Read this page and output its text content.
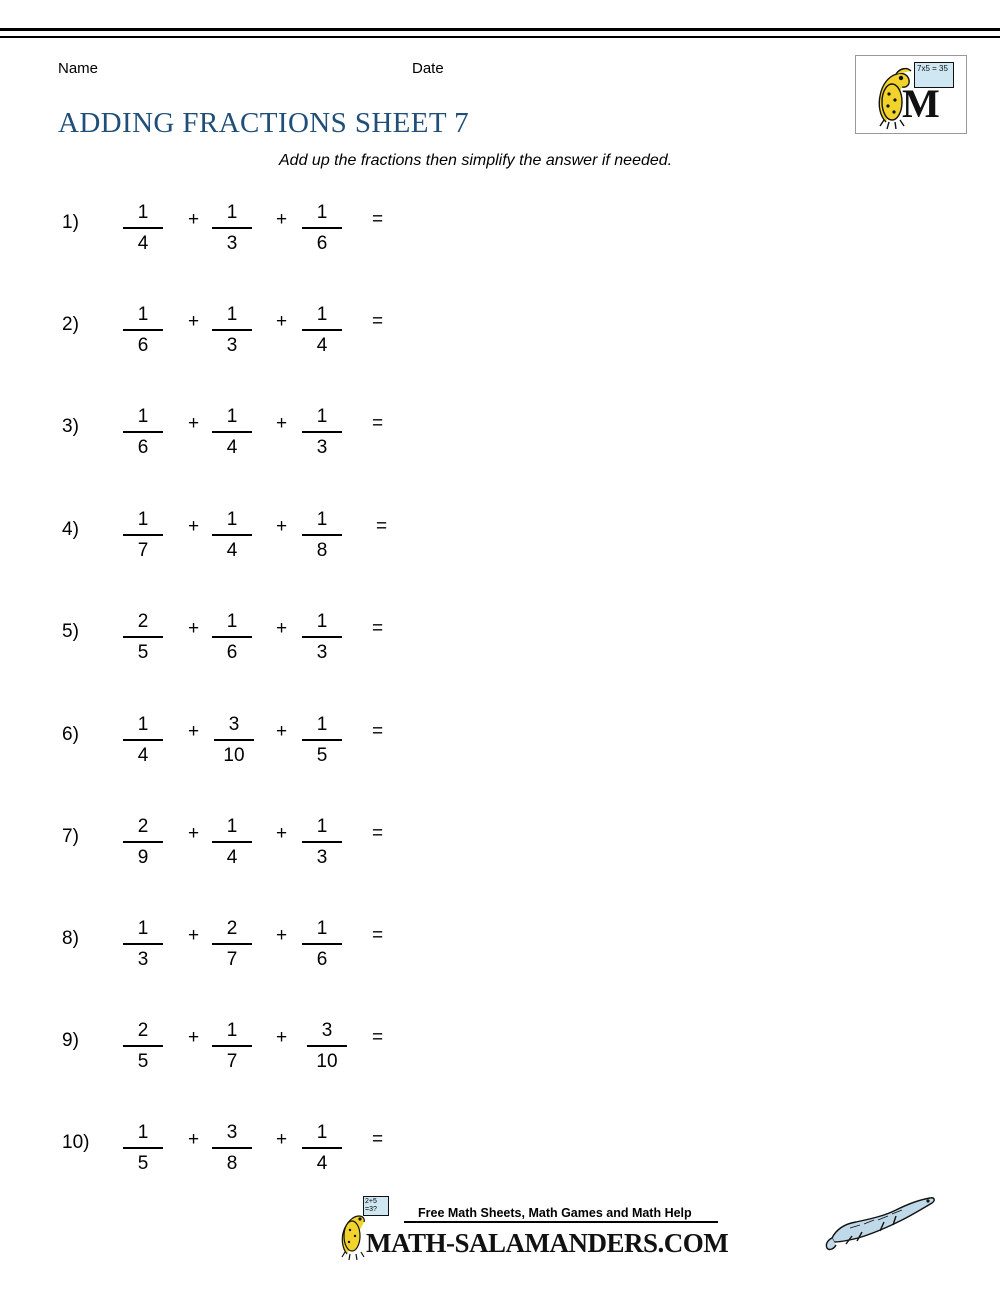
Name	Date
ADDING FRACTIONS SHEET 7
Add up the fractions then simplify the answer if needed.
7x5 = 35
M
1)	1
4
+	1
3
+	1
6
=
2)	1
6
+	1
3
+	1
4
=
3)	1
6
+	1
4
+	1
3
=
4)	1
7
+	1
4
+	1
8
=
5)	2
5
+	1
6
+	1
3
=
6)	1
4
+	3
10
+	1
5
=
7)	2
9
+	1
4
+	1
3
=
8)	1
3
+	2
7
+	1
6
=
9)	2
5
+	1
7
+	3
10
=
10)	1
5
+	3
8
+	1
4
=
2+5 =3?	Free Math Sheets, Math Games and Math Help
MATH-SALAMANDERS.COM
